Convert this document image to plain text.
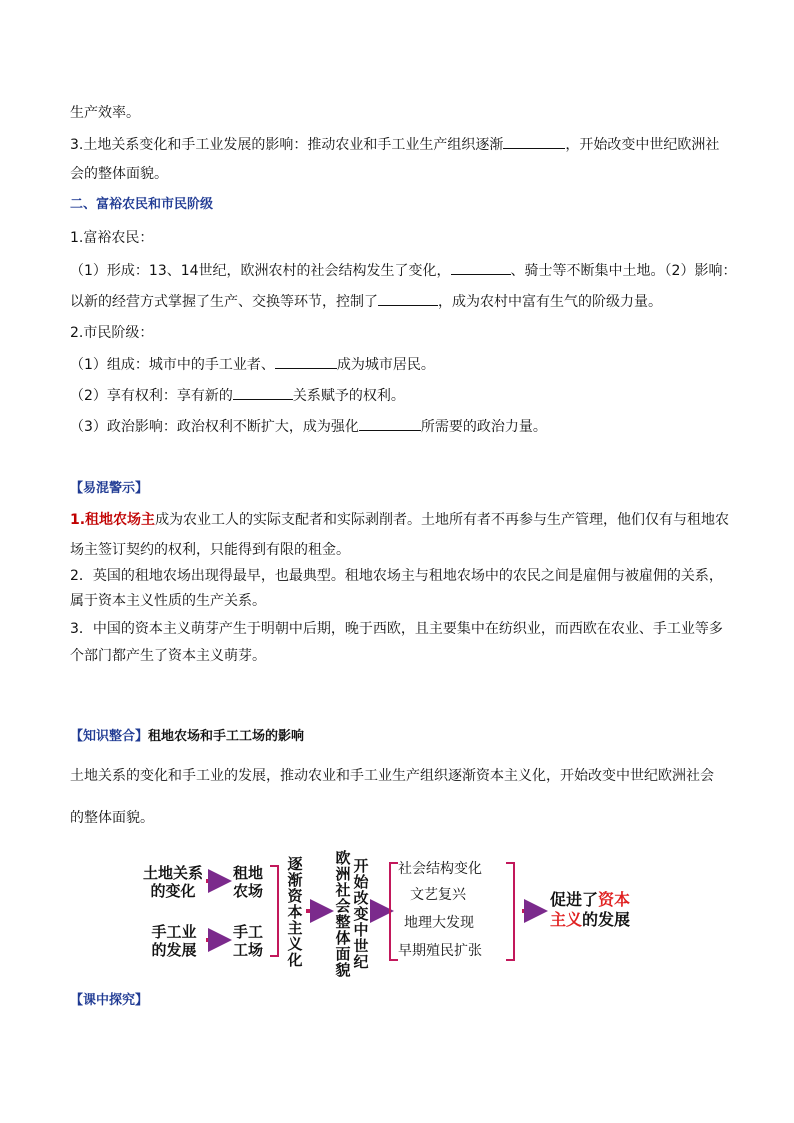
生产效率。
3.土地关系变化和手工业发展的影响：推动农业和手工业生产组织逐渐	，开始改变中世纪欧洲社
会的整体面貌。
二、富裕农民和市民阶级
1.富裕农民：
（1）形成：13、14世纪，欧洲农村的社会结构发生了变化，	、骑士等不断集中土地。（2）影响：
以新的经营方式掌握了生产、交换等环节，控制了	，成为农村中富有生气的阶级力量。
2.市民阶级：
（1）组成：城市中的手工业者、	成为城市居民。
（2）享有权利：享有新的	关系赋予的权利。
（3）政治影响：政治权利不断扩大，成为强化	所需要的政治力量。
【易混警示】
1.租地农场主成为农业工人的实际支配者和实际剥削者。土地所有者不再参与生产管理，他们仅有与租地农
场主签订契约的权利，只能得到有限的租金。
2．英国的租地农场出现得最早，也最典型。租地农场主与租地农场中的农民之间是雇佣与被雇佣的关系，
属于资本主义性质的生产关系。
3．中国的资本主义萌芽产生于明朝中后期，晚于西欧，且主要集中在纺织业，而西欧在农业、手工业等多
个部门都产生了资本主义萌芽。
【知识整合】租地农场和手工工场的影响
土地关系的变化和手工业的发展，推动农业和手工业生产组织逐渐资本主义化，开始改变中世纪欧洲社会
的整体面貌。
土地关系
的变化
租地
农场
手工业
的发展
手工
工场
逐渐资本主义化
欧洲社会整体面貌
开始改变中世纪
社会结构变化
文艺复兴
地理大发现
早期殖民扩张
促进了资本
主义的发展
【课中探究】
